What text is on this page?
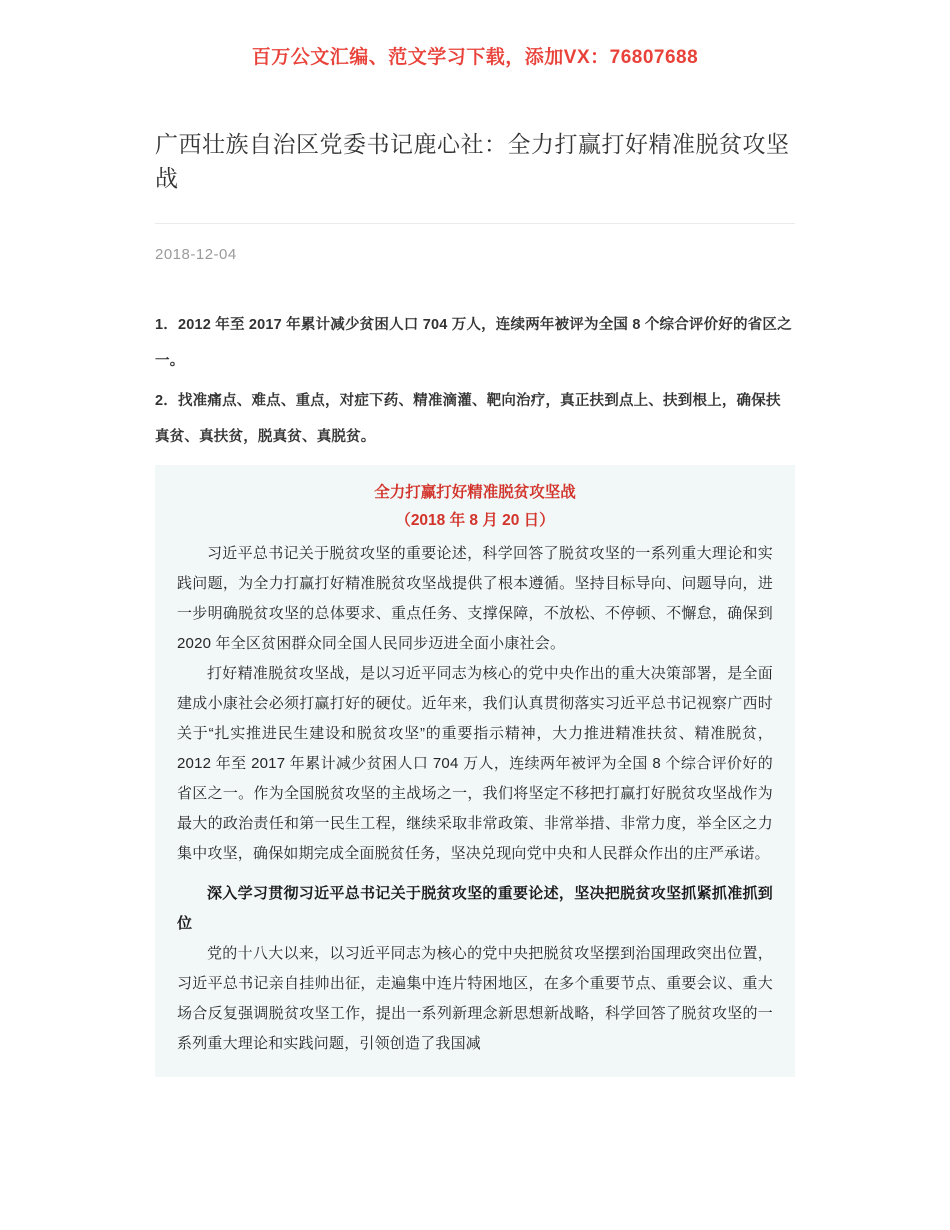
百万公文汇编、范文学习下载，添加VX：76807688
广西壮族自治区党委书记鹿心社：全力打赢打好精准脱贫攻坚战
2018-12-04

1．2012 年至 2017 年累计减少贫困人口 704 万人，连续两年被评为全国 8 个综合评价好的省区之一。

2．找准痛点、难点、重点，对症下药、精准滴灌、靶向治疗，真正扶到点上、扶到根上，确保扶真贫、真扶贫，脱真贫、真脱贫。

全力打赢打好精准脱贫攻坚战
（2018 年 8 月 20 日）

习近平总书记关于脱贫攻坚的重要论述，科学回答了脱贫攻坚的一系列重大理论和实践问题，为全力打赢打好精准脱贫攻坚战提供了根本遵循。坚持目标导向、问题导向，进一步明确脱贫攻坚的总体要求、重点任务、支撑保障，不放松、不停顿、不懈怠，确保到 2020 年全区贫困群众同全国人民同步迈进全面小康社会。

打好精准脱贫攻坚战，是以习近平同志为核心的党中央作出的重大决策部署，是全面建成小康社会必须打赢打好的硬仗。近年来，我们认真贯彻落实习近平总书记视察广西时关于“扎实推进民生建设和脱贫攻坚”的重要指示精神，大力推进精准扶贫、精准脱贫，2012 年至 2017 年累计减少贫困人口 704 万人，连续两年被评为全国 8 个综合评价好的省区之一。作为全国脱贫攻坚的主战场之一，我们将坚定不移把打赢打好脱贫攻坚战作为最大的政治责任和第一民生工程，继续采取非常政策、非常举措、非常力度，举全区之力集中攻坚，确保如期完成全面脱贫任务，坚决兑现向党中央和人民群众作出的庄严承诺。

深入学习贯彻习近平总书记关于脱贫攻坚的重要论述，坚决把脱贫攻坚抓紧抓准抓到位

党的十八大以来，以习近平同志为核心的党中央把脱贫攻坚摆到治国理政突出位置，习近平总书记亲自挂帅出征，走遍集中连片特困地区，在多个重要节点、重要会议、重大场合反复强调脱贫攻坚工作，提出一系列新理念新思想新战略，科学回答了脱贫攻坚的一系列重大理论和实践问题，引领创造了我国减
